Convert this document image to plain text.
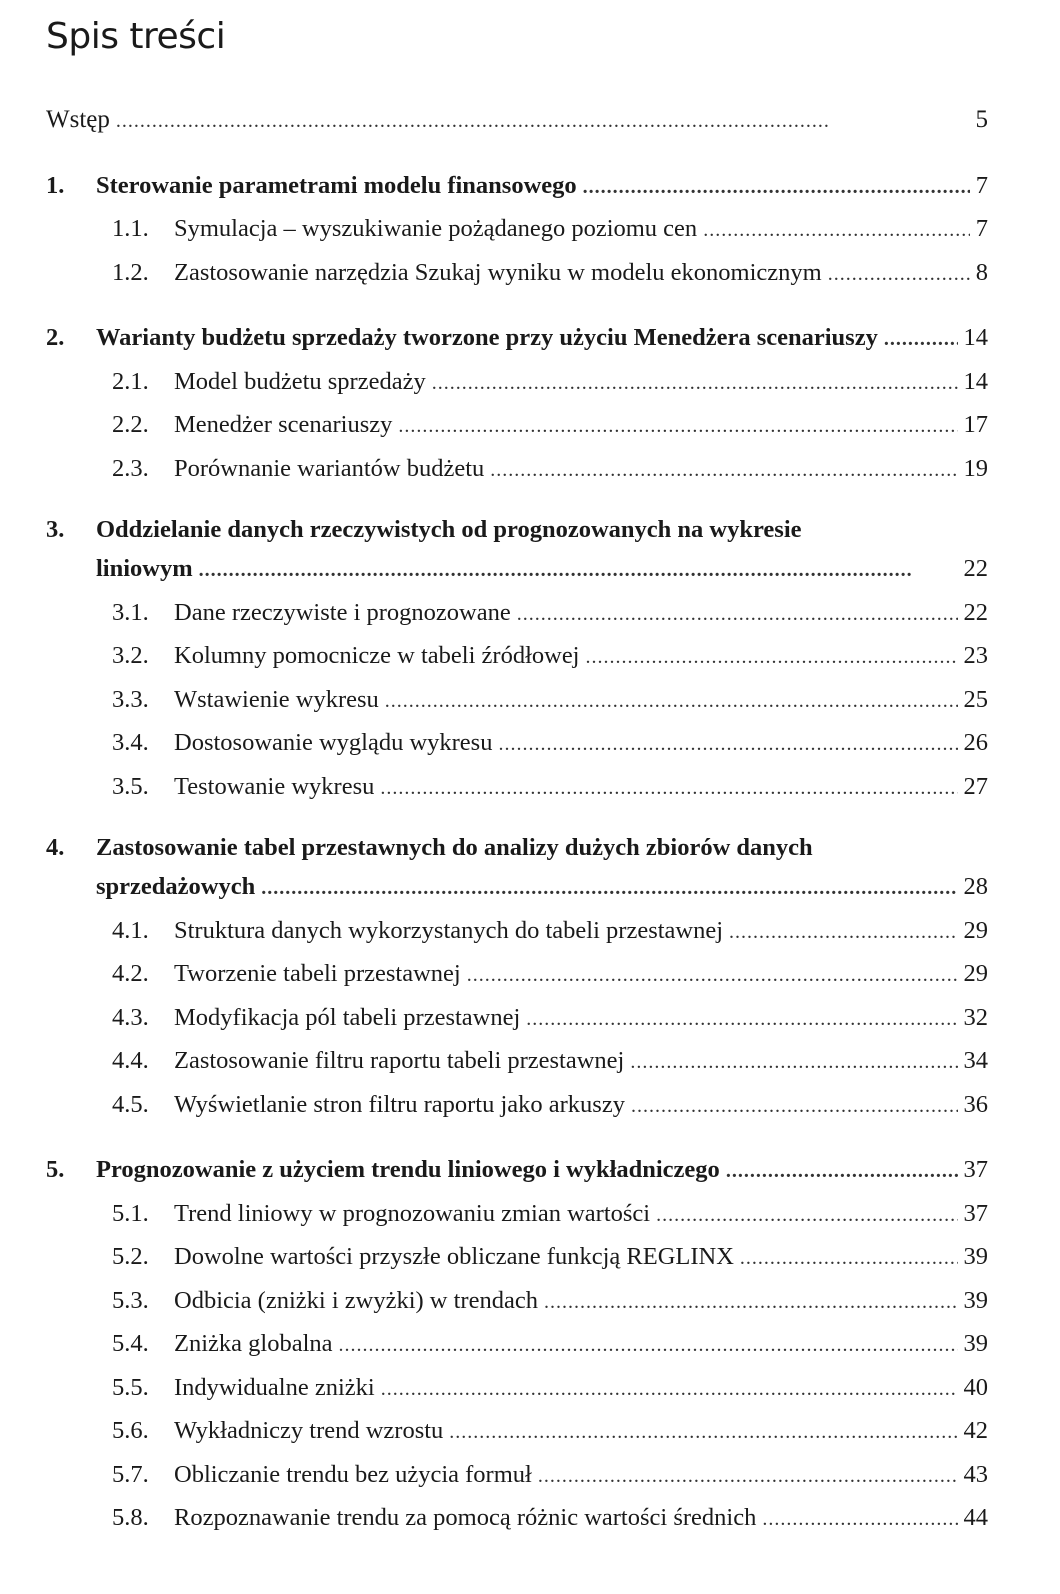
Spis treści
Wstęp . . .	5
1.	Sterowanie parametrami modelu finansowego . . .	7
1.1.	Symulacja – wyszukiwanie pożądanego poziomu cen . . .	7
1.2.	Zastosowanie narzędzia Szukaj wyniku w modelu ekonomicznym . . .	8
2.	Warianty budżetu sprzedaży tworzone przy użyciu Menedżera scenariuszy . . .	14
2.1.	Model budżetu sprzedaży . . .	14
2.2.	Menedżer scenariuszy . . .	17
2.3.	Porównanie wariantów budżetu . . .	19
3. Oddzielanie danych rzeczywistych od prognozowanych na wykresie
liniowym . . .	22
3.1.	Dane rzeczywiste i prognozowane . . .	22
3.2.	Kolumny pomocnicze w tabeli źródłowej . . .	23
3.3.	Wstawienie wykresu . . .	25
3.4.	Dostosowanie wyglądu wykresu . . .	26
3.5.	Testowanie wykresu . . .	27
4. Zastosowanie tabel przestawnych do analizy dużych zbiorów danych
sprzedażowych . . .	28
4.1.	Struktura danych wykorzystanych do tabeli przestawnej . . .	29
4.2.	Tworzenie tabeli przestawnej . . .	29
4.3.	Modyfikacja pól tabeli przestawnej . . .	32
4.4.	Zastosowanie filtru raportu tabeli przestawnej . . .	34
4.5.	Wyświetlanie stron filtru raportu jako arkuszy . . .	36
5.	Prognozowanie z użyciem trendu liniowego i wykładniczego . . .	37
5.1.	Trend liniowy w prognozowaniu zmian wartości . . .	37
5.2.	Dowolne wartości przyszłe obliczane funkcją REGLINX . . .	39
5.3.	Odbicia (zniżki i zwyżki) w trendach . . .	39
5.4.	Zniżka globalna . . .	39
5.5.	Indywidualne zniżki . . .	40
5.6.	Wykładniczy trend wzrostu . . .	42
5.7.	Obliczanie trendu bez użycia formuł . . .	43
5.8.	Rozpoznawanie trendu za pomocą różnic wartości średnich . . .	44
